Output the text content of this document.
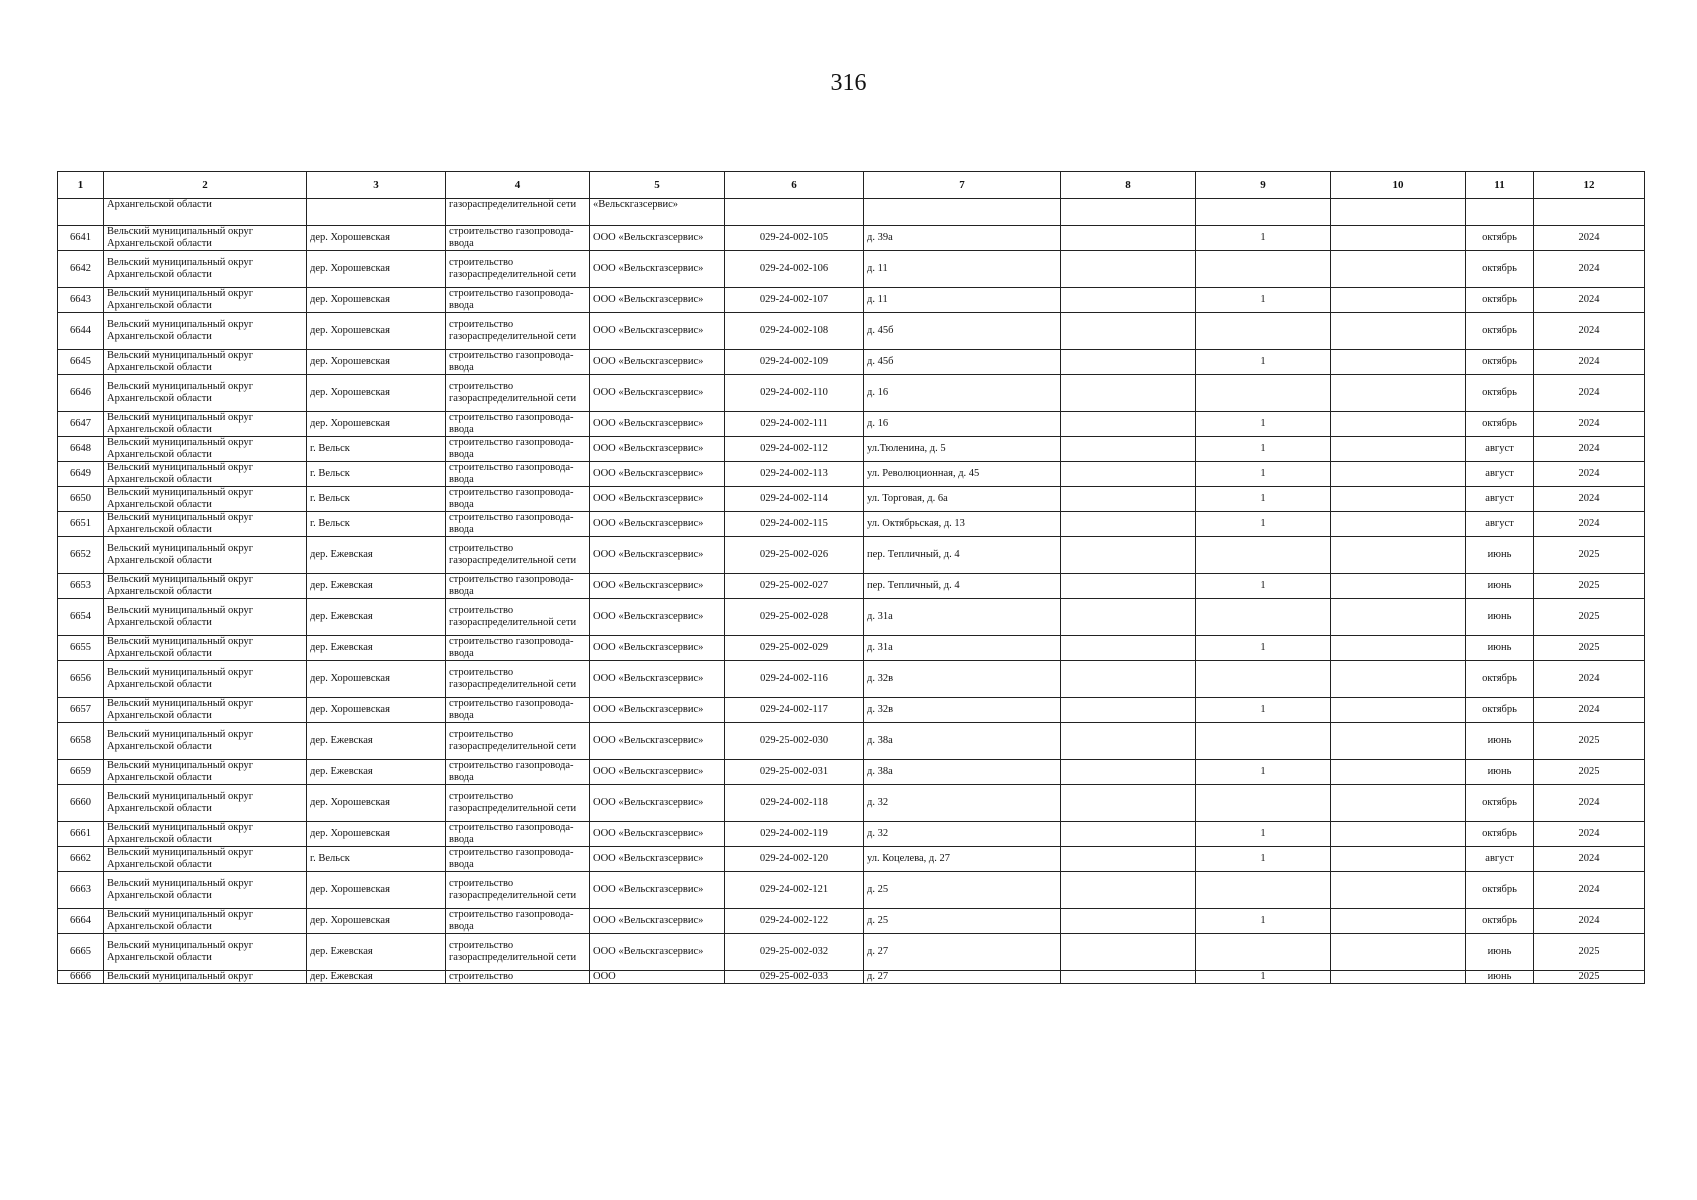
316
1	2	3	4	5	6	7	8	9	10	11	12
	Архангельской области		газораспределительной сети	«Вельскгазсервис»							
6641	Вельский муниципальный округ Архангельской области	дер. Хорошевская	строительство газопровода-ввода	ООО «Вельскгазсервис»	029-24-002-105	д. 39а		1		октябрь	2024
6642	Вельский муниципальный округ Архангельской области	дер. Хорошевская	строительство газораспределительной сети	ООО «Вельскгазсервис»	029-24-002-106	д. 11				октябрь	2024
6643	Вельский муниципальный округ Архангельской области	дер. Хорошевская	строительство газопровода-ввода	ООО «Вельскгазсервис»	029-24-002-107	д. 11		1		октябрь	2024
6644	Вельский муниципальный округ Архангельской области	дер. Хорошевская	строительство газораспределительной сети	ООО «Вельскгазсервис»	029-24-002-108	д. 45б				октябрь	2024
6645	Вельский муниципальный округ Архангельской области	дер. Хорошевская	строительство газопровода-ввода	ООО «Вельскгазсервис»	029-24-002-109	д. 45б		1		октябрь	2024
6646	Вельский муниципальный округ Архангельской области	дер. Хорошевская	строительство газораспределительной сети	ООО «Вельскгазсервис»	029-24-002-110	д. 16				октябрь	2024
6647	Вельский муниципальный округ Архангельской области	дер. Хорошевская	строительство газопровода-ввода	ООО «Вельскгазсервис»	029-24-002-111	д. 16		1		октябрь	2024
6648	Вельский муниципальный округ Архангельской области	г. Вельск	строительство газопровода-ввода	ООО «Вельскгазсервис»	029-24-002-112	ул.Тюленина, д. 5		1		август	2024
6649	Вельский муниципальный округ Архангельской области	г. Вельск	строительство газопровода-ввода	ООО «Вельскгазсервис»	029-24-002-113	ул. Революционная, д. 45		1		август	2024
6650	Вельский муниципальный округ Архангельской области	г. Вельск	строительство газопровода-ввода	ООО «Вельскгазсервис»	029-24-002-114	ул. Торговая, д. 6а		1		август	2024
6651	Вельский муниципальный округ Архангельской области	г. Вельск	строительство газопровода-ввода	ООО «Вельскгазсервис»	029-24-002-115	ул. Октябрьская, д. 13		1		август	2024
6652	Вельский муниципальный округ Архангельской области	дер. Ежевская	строительство газораспределительной сети	ООО «Вельскгазсервис»	029-25-002-026	пер. Тепличный, д. 4				июнь	2025
6653	Вельский муниципальный округ Архангельской области	дер. Ежевская	строительство газопровода-ввода	ООО «Вельскгазсервис»	029-25-002-027	пер. Тепличный, д. 4		1		июнь	2025
6654	Вельский муниципальный округ Архангельской области	дер. Ежевская	строительство газораспределительной сети	ООО «Вельскгазсервис»	029-25-002-028	д. 31а				июнь	2025
6655	Вельский муниципальный округ Архангельской области	дер. Ежевская	строительство газопровода-ввода	ООО «Вельскгазсервис»	029-25-002-029	д. 31а		1		июнь	2025
6656	Вельский муниципальный округ Архангельской области	дер. Хорошевская	строительство газораспределительной сети	ООО «Вельскгазсервис»	029-24-002-116	д. 32в				октябрь	2024
6657	Вельский муниципальный округ Архангельской области	дер. Хорошевская	строительство газопровода-ввода	ООО «Вельскгазсервис»	029-24-002-117	д. 32в		1		октябрь	2024
6658	Вельский муниципальный округ Архангельской области	дер. Ежевская	строительство газораспределительной сети	ООО «Вельскгазсервис»	029-25-002-030	д. 38а				июнь	2025
6659	Вельский муниципальный округ Архангельской области	дер. Ежевская	строительство газопровода-ввода	ООО «Вельскгазсервис»	029-25-002-031	д. 38а		1		июнь	2025
6660	Вельский муниципальный округ Архангельской области	дер. Хорошевская	строительство газораспределительной сети	ООО «Вельскгазсервис»	029-24-002-118	д. 32				октябрь	2024
6661	Вельский муниципальный округ Архангельской области	дер. Хорошевская	строительство газопровода-ввода	ООО «Вельскгазсервис»	029-24-002-119	д. 32		1		октябрь	2024
6662	Вельский муниципальный округ Архангельской области	г. Вельск	строительство газопровода-ввода	ООО «Вельскгазсервис»	029-24-002-120	ул. Коцелева, д. 27		1		август	2024
6663	Вельский муниципальный округ Архангельской области	дер. Хорошевская	строительство газораспределительной сети	ООО «Вельскгазсервис»	029-24-002-121	д. 25				октябрь	2024
6664	Вельский муниципальный округ Архангельской области	дер. Хорошевская	строительство газопровода-ввода	ООО «Вельскгазсервис»	029-24-002-122	д. 25		1		октябрь	2024
6665	Вельский муниципальный округ Архангельской области	дер. Ежевская	строительство газораспределительной сети	ООО «Вельскгазсервис»	029-25-002-032	д. 27				июнь	2025
6666	Вельский муниципальный округ	дер. Ежевская	строительство	ООО	029-25-002-033	д. 27		1		июнь	2025
